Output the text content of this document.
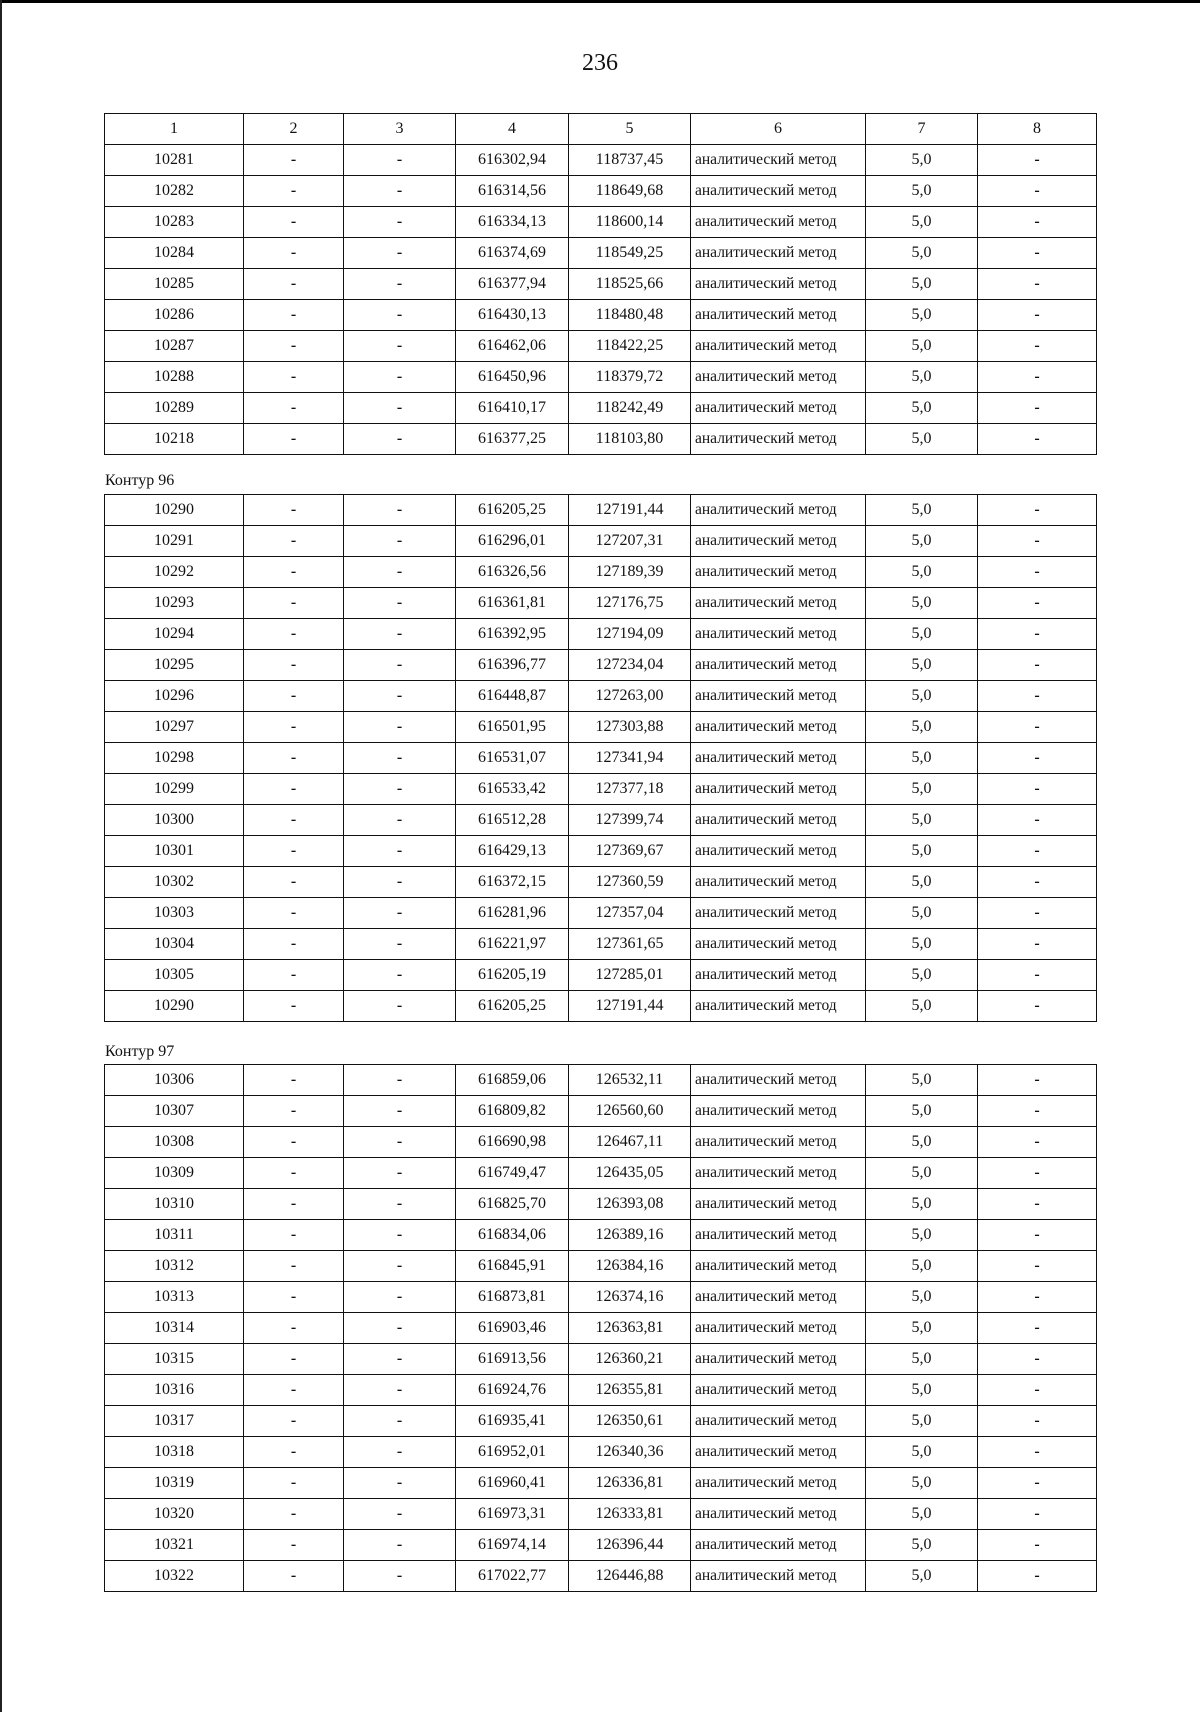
236
1	2	3	4	5	6	7	8
10281	-	-	616302,94	118737,45	аналитический метод	5,0	-
10282	-	-	616314,56	118649,68	аналитический метод	5,0	-
10283	-	-	616334,13	118600,14	аналитический метод	5,0	-
10284	-	-	616374,69	118549,25	аналитический метод	5,0	-
10285	-	-	616377,94	118525,66	аналитический метод	5,0	-
10286	-	-	616430,13	118480,48	аналитический метод	5,0	-
10287	-	-	616462,06	118422,25	аналитический метод	5,0	-
10288	-	-	616450,96	118379,72	аналитический метод	5,0	-
10289	-	-	616410,17	118242,49	аналитический метод	5,0	-
10218	-	-	616377,25	118103,80	аналитический метод	5,0	-
Контур 96
10290	-	-	616205,25	127191,44	аналитический метод	5,0	-
10291	-	-	616296,01	127207,31	аналитический метод	5,0	-
10292	-	-	616326,56	127189,39	аналитический метод	5,0	-
10293	-	-	616361,81	127176,75	аналитический метод	5,0	-
10294	-	-	616392,95	127194,09	аналитический метод	5,0	-
10295	-	-	616396,77	127234,04	аналитический метод	5,0	-
10296	-	-	616448,87	127263,00	аналитический метод	5,0	-
10297	-	-	616501,95	127303,88	аналитический метод	5,0	-
10298	-	-	616531,07	127341,94	аналитический метод	5,0	-
10299	-	-	616533,42	127377,18	аналитический метод	5,0	-
10300	-	-	616512,28	127399,74	аналитический метод	5,0	-
10301	-	-	616429,13	127369,67	аналитический метод	5,0	-
10302	-	-	616372,15	127360,59	аналитический метод	5,0	-
10303	-	-	616281,96	127357,04	аналитический метод	5,0	-
10304	-	-	616221,97	127361,65	аналитический метод	5,0	-
10305	-	-	616205,19	127285,01	аналитический метод	5,0	-
10290	-	-	616205,25	127191,44	аналитический метод	5,0	-
Контур 97
10306	-	-	616859,06	126532,11	аналитический метод	5,0	-
10307	-	-	616809,82	126560,60	аналитический метод	5,0	-
10308	-	-	616690,98	126467,11	аналитический метод	5,0	-
10309	-	-	616749,47	126435,05	аналитический метод	5,0	-
10310	-	-	616825,70	126393,08	аналитический метод	5,0	-
10311	-	-	616834,06	126389,16	аналитический метод	5,0	-
10312	-	-	616845,91	126384,16	аналитический метод	5,0	-
10313	-	-	616873,81	126374,16	аналитический метод	5,0	-
10314	-	-	616903,46	126363,81	аналитический метод	5,0	-
10315	-	-	616913,56	126360,21	аналитический метод	5,0	-
10316	-	-	616924,76	126355,81	аналитический метод	5,0	-
10317	-	-	616935,41	126350,61	аналитический метод	5,0	-
10318	-	-	616952,01	126340,36	аналитический метод	5,0	-
10319	-	-	616960,41	126336,81	аналитический метод	5,0	-
10320	-	-	616973,31	126333,81	аналитический метод	5,0	-
10321	-	-	616974,14	126396,44	аналитический метод	5,0	-
10322	-	-	617022,77	126446,88	аналитический метод	5,0	-
